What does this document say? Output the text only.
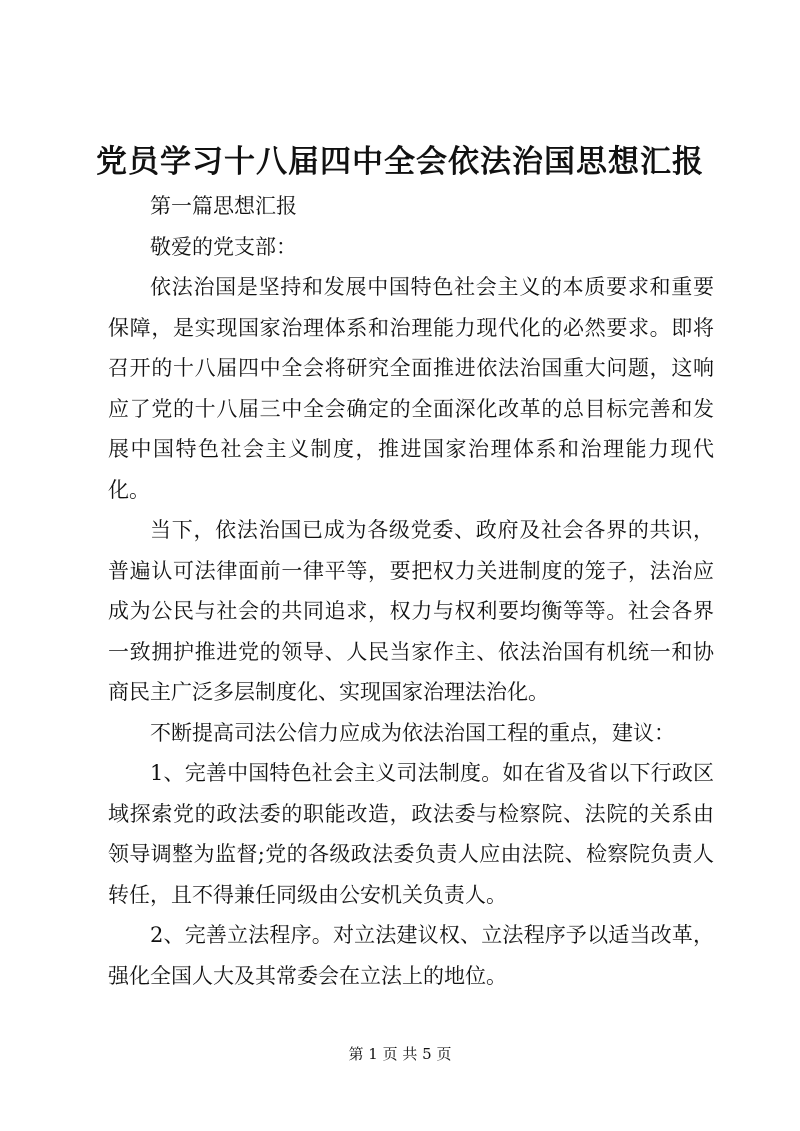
党员学习十八届四中全会依法治国思想汇报

第一篇思想汇报

敬爱的党支部：

依法治国是坚持和发展中国特色社会主义的本质要求和重要保障，是实现国家治理体系和治理能力现代化的必然要求。即将召开的十八届四中全会将研究全面推进依法治国重大问题，这响应了党的十八届三中全会确定的全面深化改革的总目标完善和发展中国特色社会主义制度，推进国家治理体系和治理能力现代化。

当下，依法治国已成为各级党委、政府及社会各界的共识，普遍认可法律面前一律平等，要把权力关进制度的笼子，法治应成为公民与社会的共同追求，权力与权利要均衡等等。社会各界一致拥护推进党的领导、人民当家作主、依法治国有机统一和协商民主广泛多层制度化、实现国家治理法治化。

不断提高司法公信力应成为依法治国工程的重点，建议：

1、完善中国特色社会主义司法制度。如在省及省以下行政区域探索党的政法委的职能改造，政法委与检察院、法院的关系由领导调整为监督;党的各级政法委负责人应由法院、检察院负责人转任，且不得兼任同级由公安机关负责人。

2、完善立法程序。对立法建议权、立法程序予以适当改革，强化全国人大及其常委会在立法上的地位。

第 1 页 共 5 页
